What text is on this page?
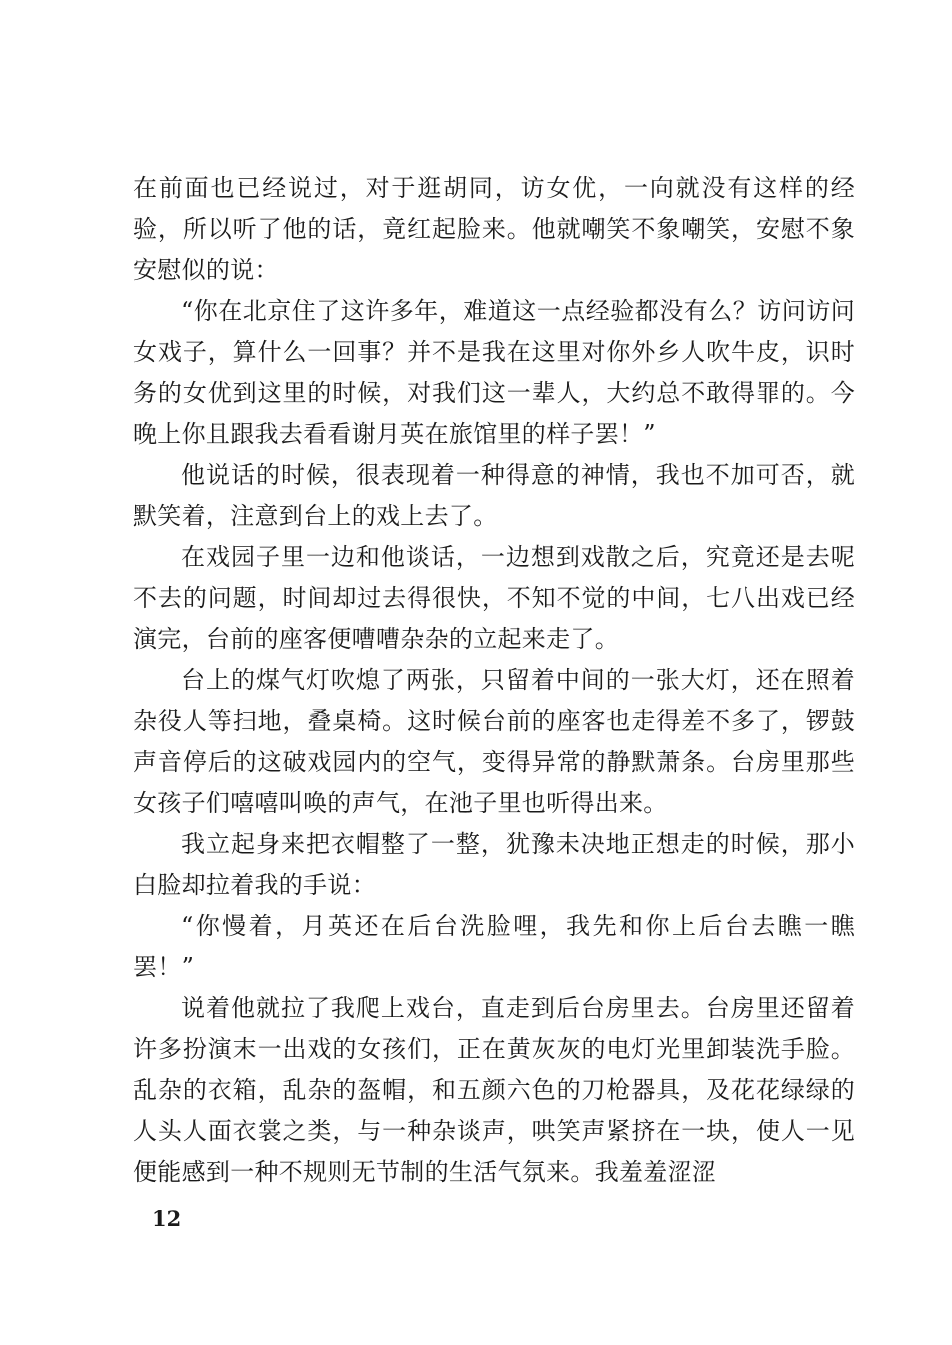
在前面也已经说过，对于逛胡同，访女优，一向就没有这样的经验，所以听了他的话，竟红起脸来。他就嘲笑不象嘲笑，安慰不象安慰似的说：

“你在北京住了这许多年，难道这一点经验都没有么？访问访问女戏子，算什么一回事？并不是我在这里对你外乡人吹牛皮，识时务的女优到这里的时候，对我们这一辈人，大约总不敢得罪的。今晚上你且跟我去看看谢月英在旅馆里的样子罢！”

他说话的时候，很表现着一种得意的神情，我也不加可否，就默笑着，注意到台上的戏上去了。

在戏园子里一边和他谈话，一边想到戏散之后，究竟还是去呢不去的问题，时间却过去得很快，不知不觉的中间，七八出戏已经演完，台前的座客便嘈嘈杂杂的立起来走了。

台上的煤气灯吹熄了两张，只留着中间的一张大灯，还在照着杂役人等扫地，叠桌椅。这时候台前的座客也走得差不多了，锣鼓声音停后的这破戏园内的空气，变得异常的静默萧条。台房里那些女孩子们嘻嘻叫唤的声气，在池子里也听得出来。

我立起身来把衣帽整了一整，犹豫未决地正想走的时候，那小白脸却拉着我的手说：

“你慢着，月英还在后台洗脸哩，我先和你上后台去瞧一瞧罢！”

说着他就拉了我爬上戏台，直走到后台房里去。台房里还留着许多扮演末一出戏的女孩们，正在黄灰灰的电灯光里卸装洗手脸。乱杂的衣箱，乱杂的盔帽，和五颜六色的刀枪器具，及花花绿绿的人头人面衣裳之类，与一种杂谈声，哄笑声紧挤在一块，使人一见便能感到一种不规则无节制的生活气氛来。我羞羞涩涩

12
